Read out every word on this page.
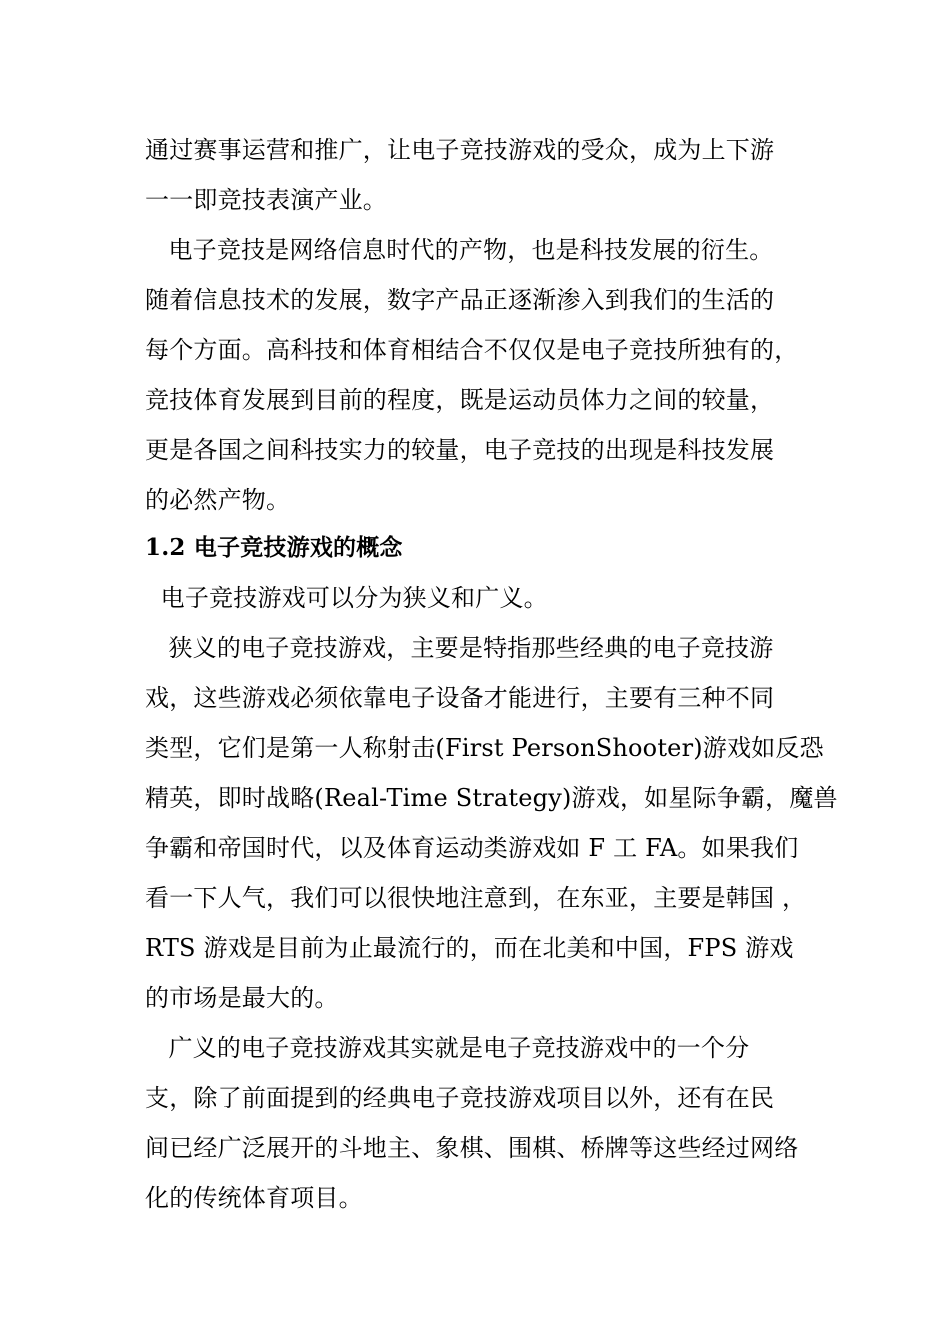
通过赛事运营和推广，让电子竞技游戏的受众，成为上下游
一一即竞技表演产业。
电子竞技是网络信息时代的产物，也是科技发展的衍生。
随着信息技术的发展，数字产品正逐渐渗入到我们的生活的
每个方面。高科技和体育相结合不仅仅是电子竞技所独有的，
竞技体育发展到目前的程度，既是运动员体力之间的较量，
更是各国之间科技实力的较量，电子竞技的出现是科技发展
的必然产物。
1.2 电子竞技游戏的概念
电子竞技游戏可以分为狭义和广义。
狭义的电子竞技游戏，主要是特指那些经典的电子竞技游
戏，这些游戏必须依靠电子设备才能进行，主要有三种不同
类型，它们是第一人称射击(First PersonShooter)游戏如反恐
精英，即时战略(Real-Time Strategy)游戏，如星际争霸，魔兽
争霸和帝国时代，以及体育运动类游戏如 F 工 FA。如果我们
看一下人气，我们可以很快地注意到，在东亚，主要是韩国 ，
RTS 游戏是目前为止最流行的，而在北美和中国，FPS 游戏
的市场是最大的。
广义的电子竞技游戏其实就是电子竞技游戏中的一个分
支，除了前面提到的经典电子竞技游戏项目以外，还有在民
间已经广泛展开的斗地主、象棋、围棋、桥牌等这些经过网络
化的传统体育项目。
